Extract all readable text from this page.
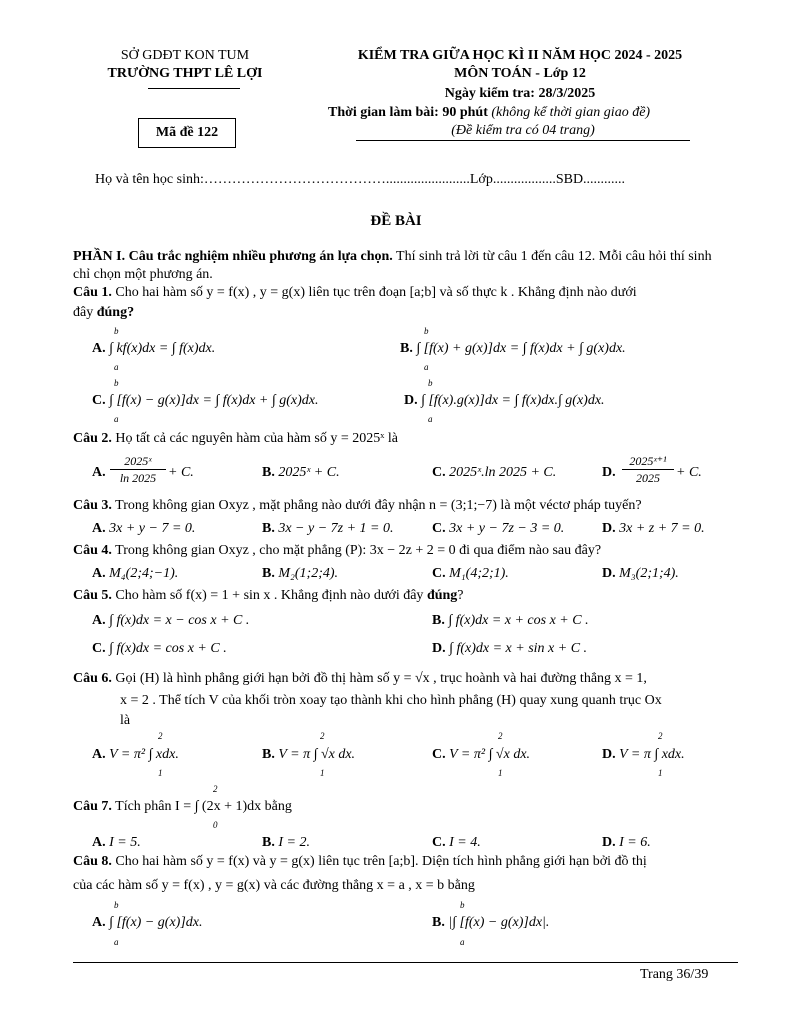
SỞ GDĐT KON TUM
TRƯỜNG THPT LÊ LỢI
Mã đề 122
KIỂM TRA GIỮA HỌC KÌ II NĂM HỌC 2024 - 2025
MÔN TOÁN - Lớp 12
Ngày kiểm tra: 28/3/2025
Thời gian làm bài: 90 phút (không kể thời gian giao đề)
(Đề kiểm tra có 04 trang)
Họ và tên học sinh:…………………………………........................Lớp..................SBD............
ĐỀ BÀI
PHẦN I. Câu trắc nghiệm nhiều phương án lựa chọn. Thí sinh trả lời từ câu 1 đến câu 12. Mỗi câu hỏi thí sinh chỉ chọn một phương án.
Câu 1. Cho hai hàm số y = f(x) , y = g(x) liên tục trên đoạn [a;b] và số thực k . Khẳng định nào dưới
đây đúng?
A. ∫ kf(x)dx = ∫ f(x)dx.
b
a
B. ∫ [f(x) + g(x)]dx = ∫ f(x)dx + ∫ g(x)dx.
b
a
C. ∫ [f(x) − g(x)]dx = ∫ f(x)dx + ∫ g(x)dx.
b
a
D. ∫ [f(x).g(x)]dx = ∫ f(x)dx.∫ g(x)dx.
b
a
Câu 2. Họ tất cả các nguyên hàm của hàm số y = 2025ˣ là
A.
2025ˣ
ln 2025 + C.	B. 2025ˣ + C.	C. 2025ˣ.ln 2025 + C.	D.
2025ˣ⁺¹
2025	+ C.
Câu 3. Trong không gian Oxyz , mặt phẳng nào dưới đây nhận n = (3;1;−7) là một véctơ pháp tuyến?
A. 3x + y − 7 = 0.	B. 3x − y − 7z + 1 = 0.	C. 3x + y − 7z − 3 = 0.	D. 3x + z + 7 = 0.
Câu 4. Trong không gian Oxyz , cho mặt phẳng (P): 3x − 2z + 2 = 0 đi qua điểm nào sau đây?
A. M₄(2;4;−1).	B. M₂(1;2;4).	C. M₁(4;2;1).	D. M₃(2;1;4).
Câu 5. Cho hàm số f(x) = 1 + sin x . Khẳng định nào dưới đây đúng?
A. ∫ f(x)dx = x − cos x + C .	B. ∫ f(x)dx = x + cos x + C .
C. ∫ f(x)dx = cos x + C .	D. ∫ f(x)dx = x + sin x + C .
Câu 6. Gọi (H) là hình phẳng giới hạn bởi đồ thị hàm số y = √x , trục hoành và hai đường thẳng x = 1,
x = 2 . Thể tích V của khối tròn xoay tạo thành khi cho hình phẳng (H) quay xung quanh trục Ox
là
A. V = π² ∫ xdx.
2
1
B. V = π ∫ √x dx.
2
1
C. V = π² ∫ √x dx.
2
1
D. V = π ∫ xdx.
2
1
Câu 7. Tích phân I = ∫ (2x + 1)dx bằng
2
0
A. I = 5.	B. I = 2.	C. I = 4.	D. I = 6.
Câu 8. Cho hai hàm số y = f(x) và y = g(x) liên tục trên [a;b]. Diện tích hình phẳng giới hạn bởi đồ thị
của các hàm số y = f(x) , y = g(x) và các đường thẳng x = a , x = b bằng
A. ∫ [f(x) − g(x)]dx.
b
a
B. |∫ [f(x) − g(x)]dx|.
b
a
Trang 36/39
